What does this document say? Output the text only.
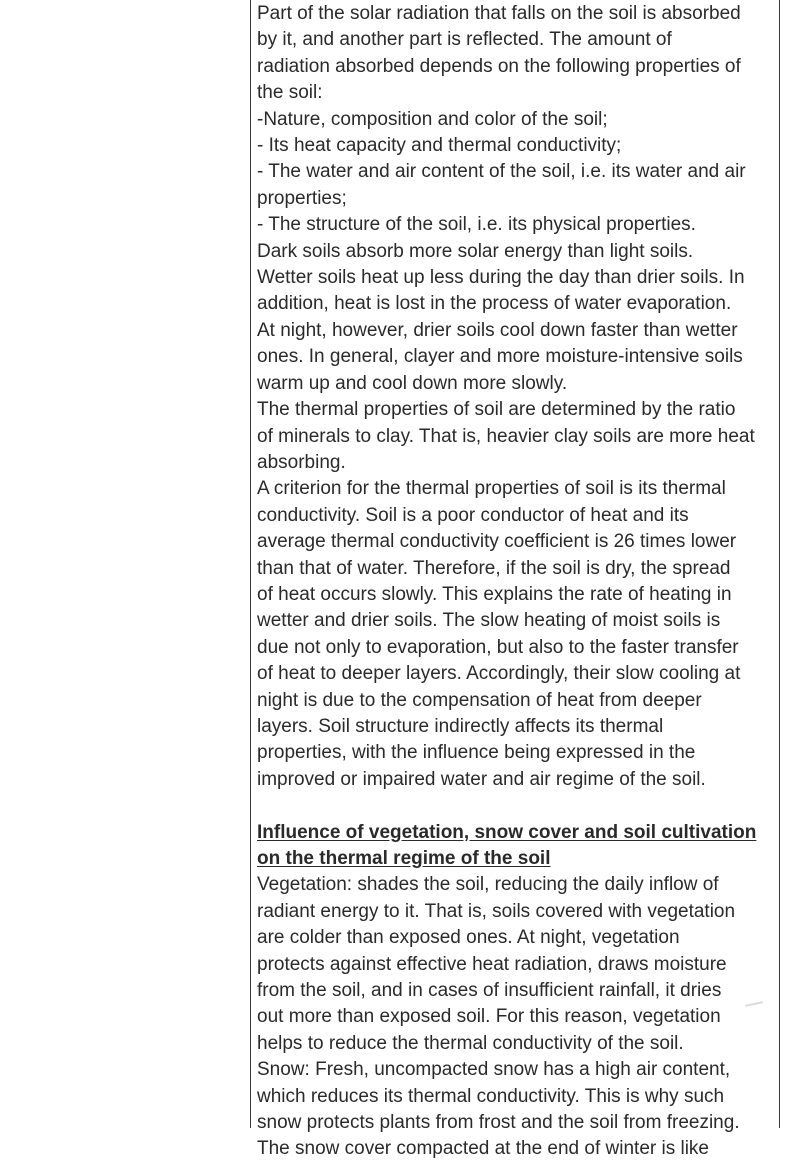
Part of the solar radiation that falls on the soil is absorbed
by it, and another part is reflected. The amount of
radiation absorbed depends on the following properties of
the soil:
-Nature, composition and color of the soil;
- Its heat capacity and thermal conductivity;
- The water and air content of the soil, i.e. its water and air
properties;
- The structure of the soil, i.e. its physical properties.
Dark soils absorb more solar energy than light soils.
Wetter soils heat up less during the day than drier soils. In
addition, heat is lost in the process of water evaporation.
At night, however, drier soils cool down faster than wetter
ones. In general, clayer and more moisture-intensive soils
warm up and cool down more slowly.
The thermal properties of soil are determined by the ratio
of minerals to clay. That is, heavier clay soils are more heat
absorbing.
A criterion for the thermal properties of soil is its thermal
conductivity. Soil is a poor conductor of heat and its
average thermal conductivity coefficient is 26 times lower
than that of water. Therefore, if the soil is dry, the spread
of heat occurs slowly. This explains the rate of heating in
wetter and drier soils. The slow heating of moist soils is
due not only to evaporation, but also to the faster transfer
of heat to deeper layers. Accordingly, their slow cooling at
night is due to the compensation of heat from deeper
layers. Soil structure indirectly affects its thermal
properties, with the influence being expressed in the
improved or impaired water and air regime of the soil.
Influence of vegetation, snow cover and soil cultivation
on the thermal regime of the soil
Vegetation: shades the soil, reducing the daily inflow of
radiant energy to it. That is, soils covered with vegetation
are colder than exposed ones. At night, vegetation
protects against effective heat radiation, draws moisture
from the soil, and in cases of insufficient rainfall, it dries
out more than exposed soil. For this reason, vegetation
helps to reduce the thermal conductivity of the soil.
Snow: Fresh, uncompacted snow has a high air content,
which reduces its thermal conductivity. This is why such
snow protects plants from frost and the soil from freezing.
The snow cover compacted at the end of winter is like
